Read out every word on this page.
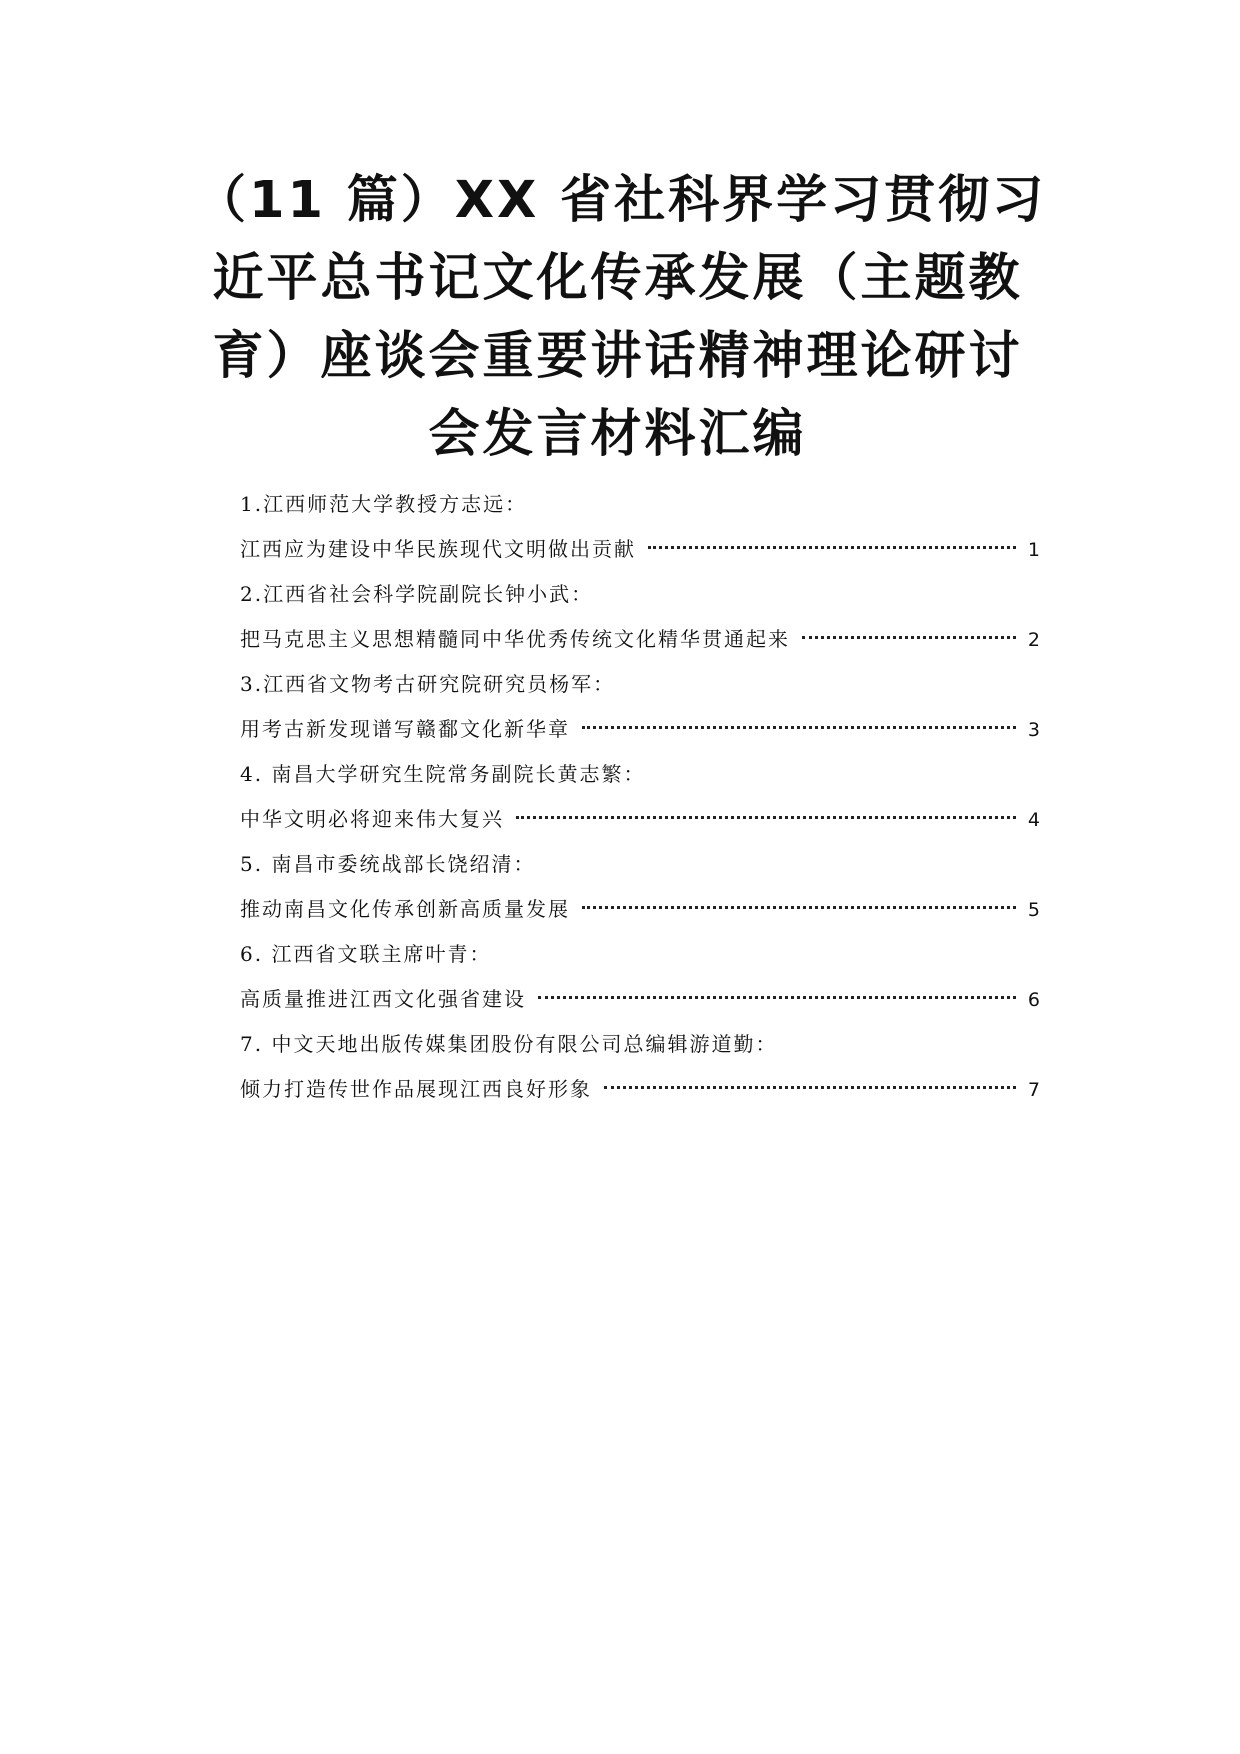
（11 篇）XX 省社科界学习贯彻习
近平总书记文化传承发展（主题教
育）座谈会重要讲话精神理论研讨
会发言材料汇编
1.江西师范大学教授方志远：
江西应为建设中华民族现代文明做出贡献	1
2.江西省社会科学院副院长钟小武：
把马克思主义思想精髓同中华优秀传统文化精华贯通起来	2
3.江西省文物考古研究院研究员杨军：
用考古新发现谱写赣鄱文化新华章	3
4. 南昌大学研究生院常务副院长黄志繁：
中华文明必将迎来伟大复兴	4
5. 南昌市委统战部长饶绍清：
推动南昌文化传承创新高质量发展	5
6. 江西省文联主席叶青：
高质量推进江西文化强省建设	6
7. 中文天地出版传媒集团股份有限公司总编辑游道勤：
倾力打造传世作品展现江西良好形象	7
